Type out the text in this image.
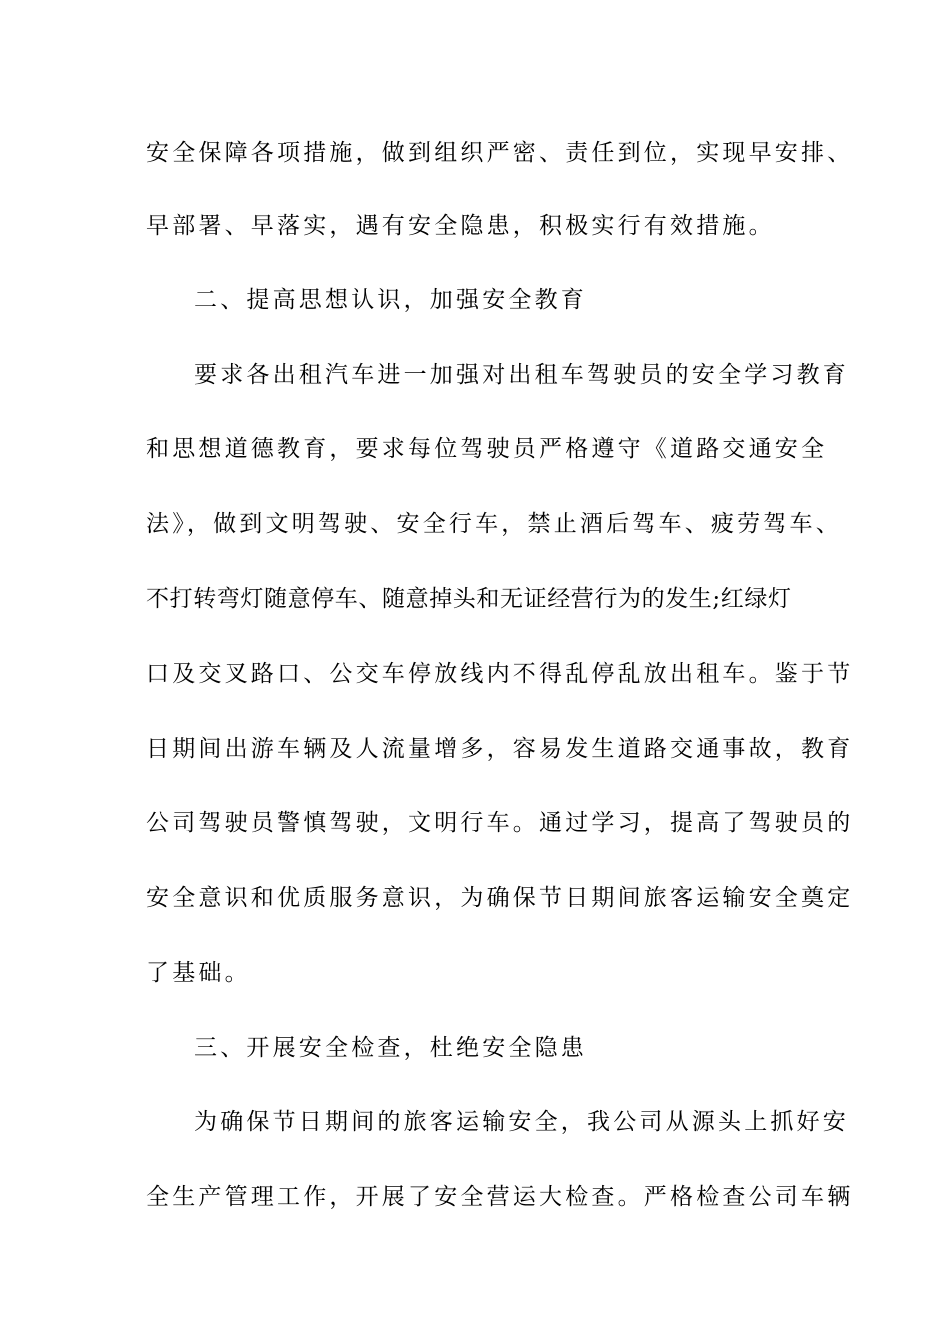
安全保障各项措施，做到组织严密、责任到位，实现早安排、
早部署、早落实，遇有安全隐患，积极实行有效措施。
二、提高思想认识，加强安全教育
要求各出租汽车进一加强对出租车驾驶员的安全学习教育
和思想道德教育，要求每位驾驶员严格遵守《道路交通安全
法》，做到文明驾驶、安全行车，禁止酒后驾车、疲劳驾车、
不打转弯灯随意停车、随意掉头和无证经营行为的发生;红绿灯
口及交叉路口、公交车停放线内不得乱停乱放出租车。鉴于节
日期间出游车辆及人流量增多，容易发生道路交通事故，教育
公司驾驶员警慎驾驶，文明行车。通过学习，提高了驾驶员的
安全意识和优质服务意识，为确保节日期间旅客运输安全奠定
了基础。
三、开展安全检查，杜绝安全隐患
为确保节日期间的旅客运输安全，我公司从源头上抓好安
全生产管理工作，开展了安全营运大检查。严格检查公司车辆
